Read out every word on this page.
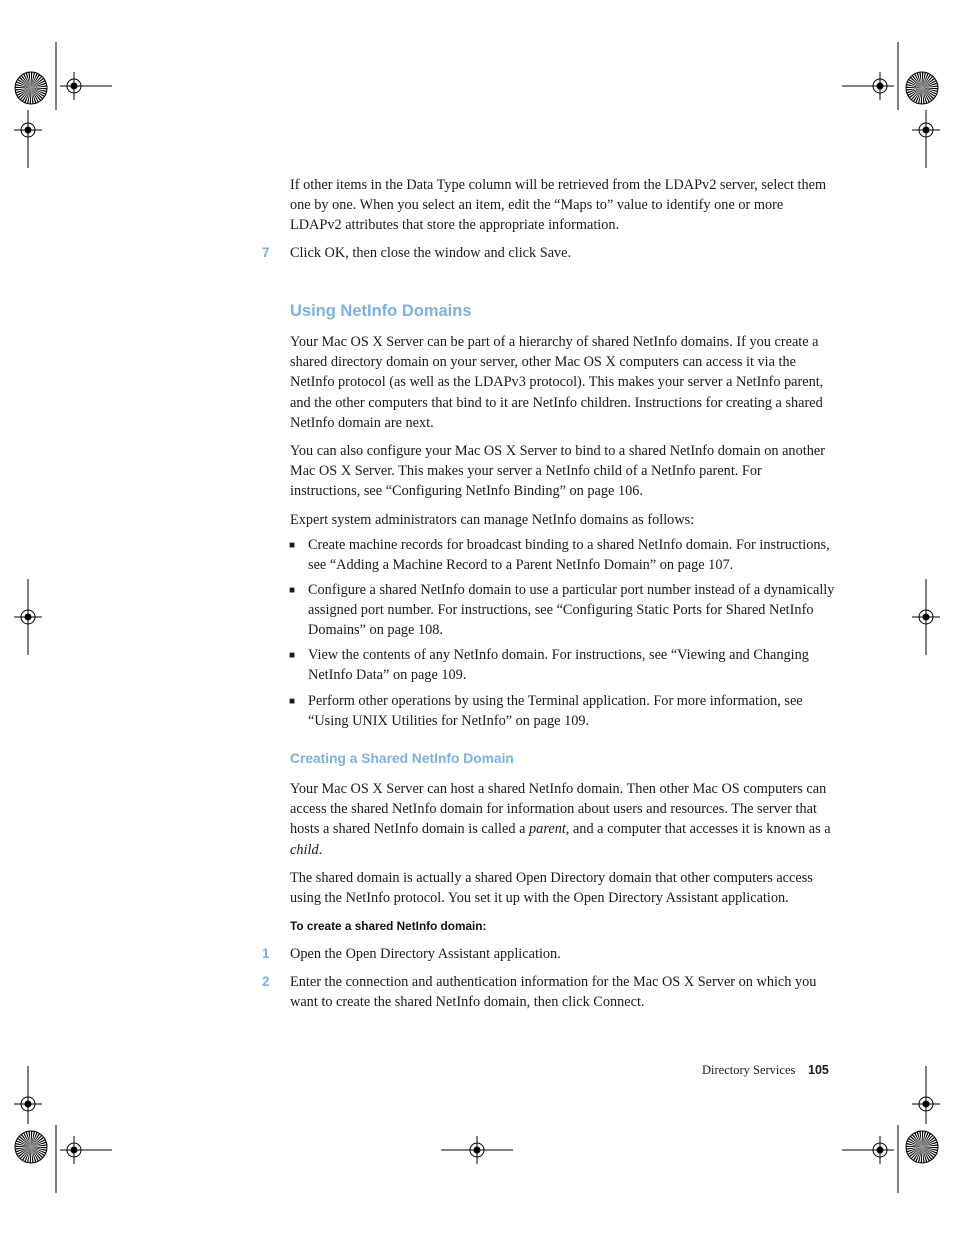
If other items in the Data Type column will be retrieved from the LDAPv2 server, select them one by one. When you select an item, edit the “Maps to” value to identify one or more LDAPv2 attributes that store the appropriate information.
7 Click OK, then close the window and click Save.
Using NetInfo Domains
Your Mac OS X Server can be part of a hierarchy of shared NetInfo domains. If you create a shared directory domain on your server, other Mac OS X computers can access it via the NetInfo protocol (as well as the LDAPv3 protocol). This makes your server a NetInfo parent, and the other computers that bind to it are NetInfo children. Instructions for creating a shared NetInfo domain are next.
You can also configure your Mac OS X Server to bind to a shared NetInfo domain on another Mac OS X Server. This makes your server a NetInfo child of a NetInfo parent. For instructions, see “Configuring NetInfo Binding” on page 106.
Expert system administrators can manage NetInfo domains as follows:
■ Create machine records for broadcast binding to a shared NetInfo domain. For instructions, see “Adding a Machine Record to a Parent NetInfo Domain” on page 107.
■ Configure a shared NetInfo domain to use a particular port number instead of a dynamically assigned port number. For instructions, see “Configuring Static Ports for Shared NetInfo Domains” on page 108.
■ View the contents of any NetInfo domain. For instructions, see “Viewing and Changing NetInfo Data” on page 109.
■ Perform other operations by using the Terminal application. For more information, see “Using UNIX Utilities for NetInfo” on page 109.
Creating a Shared NetInfo Domain
Your Mac OS X Server can host a shared NetInfo domain. Then other Mac OS computers can access the shared NetInfo domain for information about users and resources. The server that hosts a shared NetInfo domain is called a parent, and a computer that accesses it is known as a child.
The shared domain is actually a shared Open Directory domain that other computers access using the NetInfo protocol. You set it up with the Open Directory Assistant application.
To create a shared NetInfo domain:
1 Open the Open Directory Assistant application.
2 Enter the connection and authentication information for the Mac OS X Server on which you want to create the shared NetInfo domain, then click Connect.
Directory Services 105
